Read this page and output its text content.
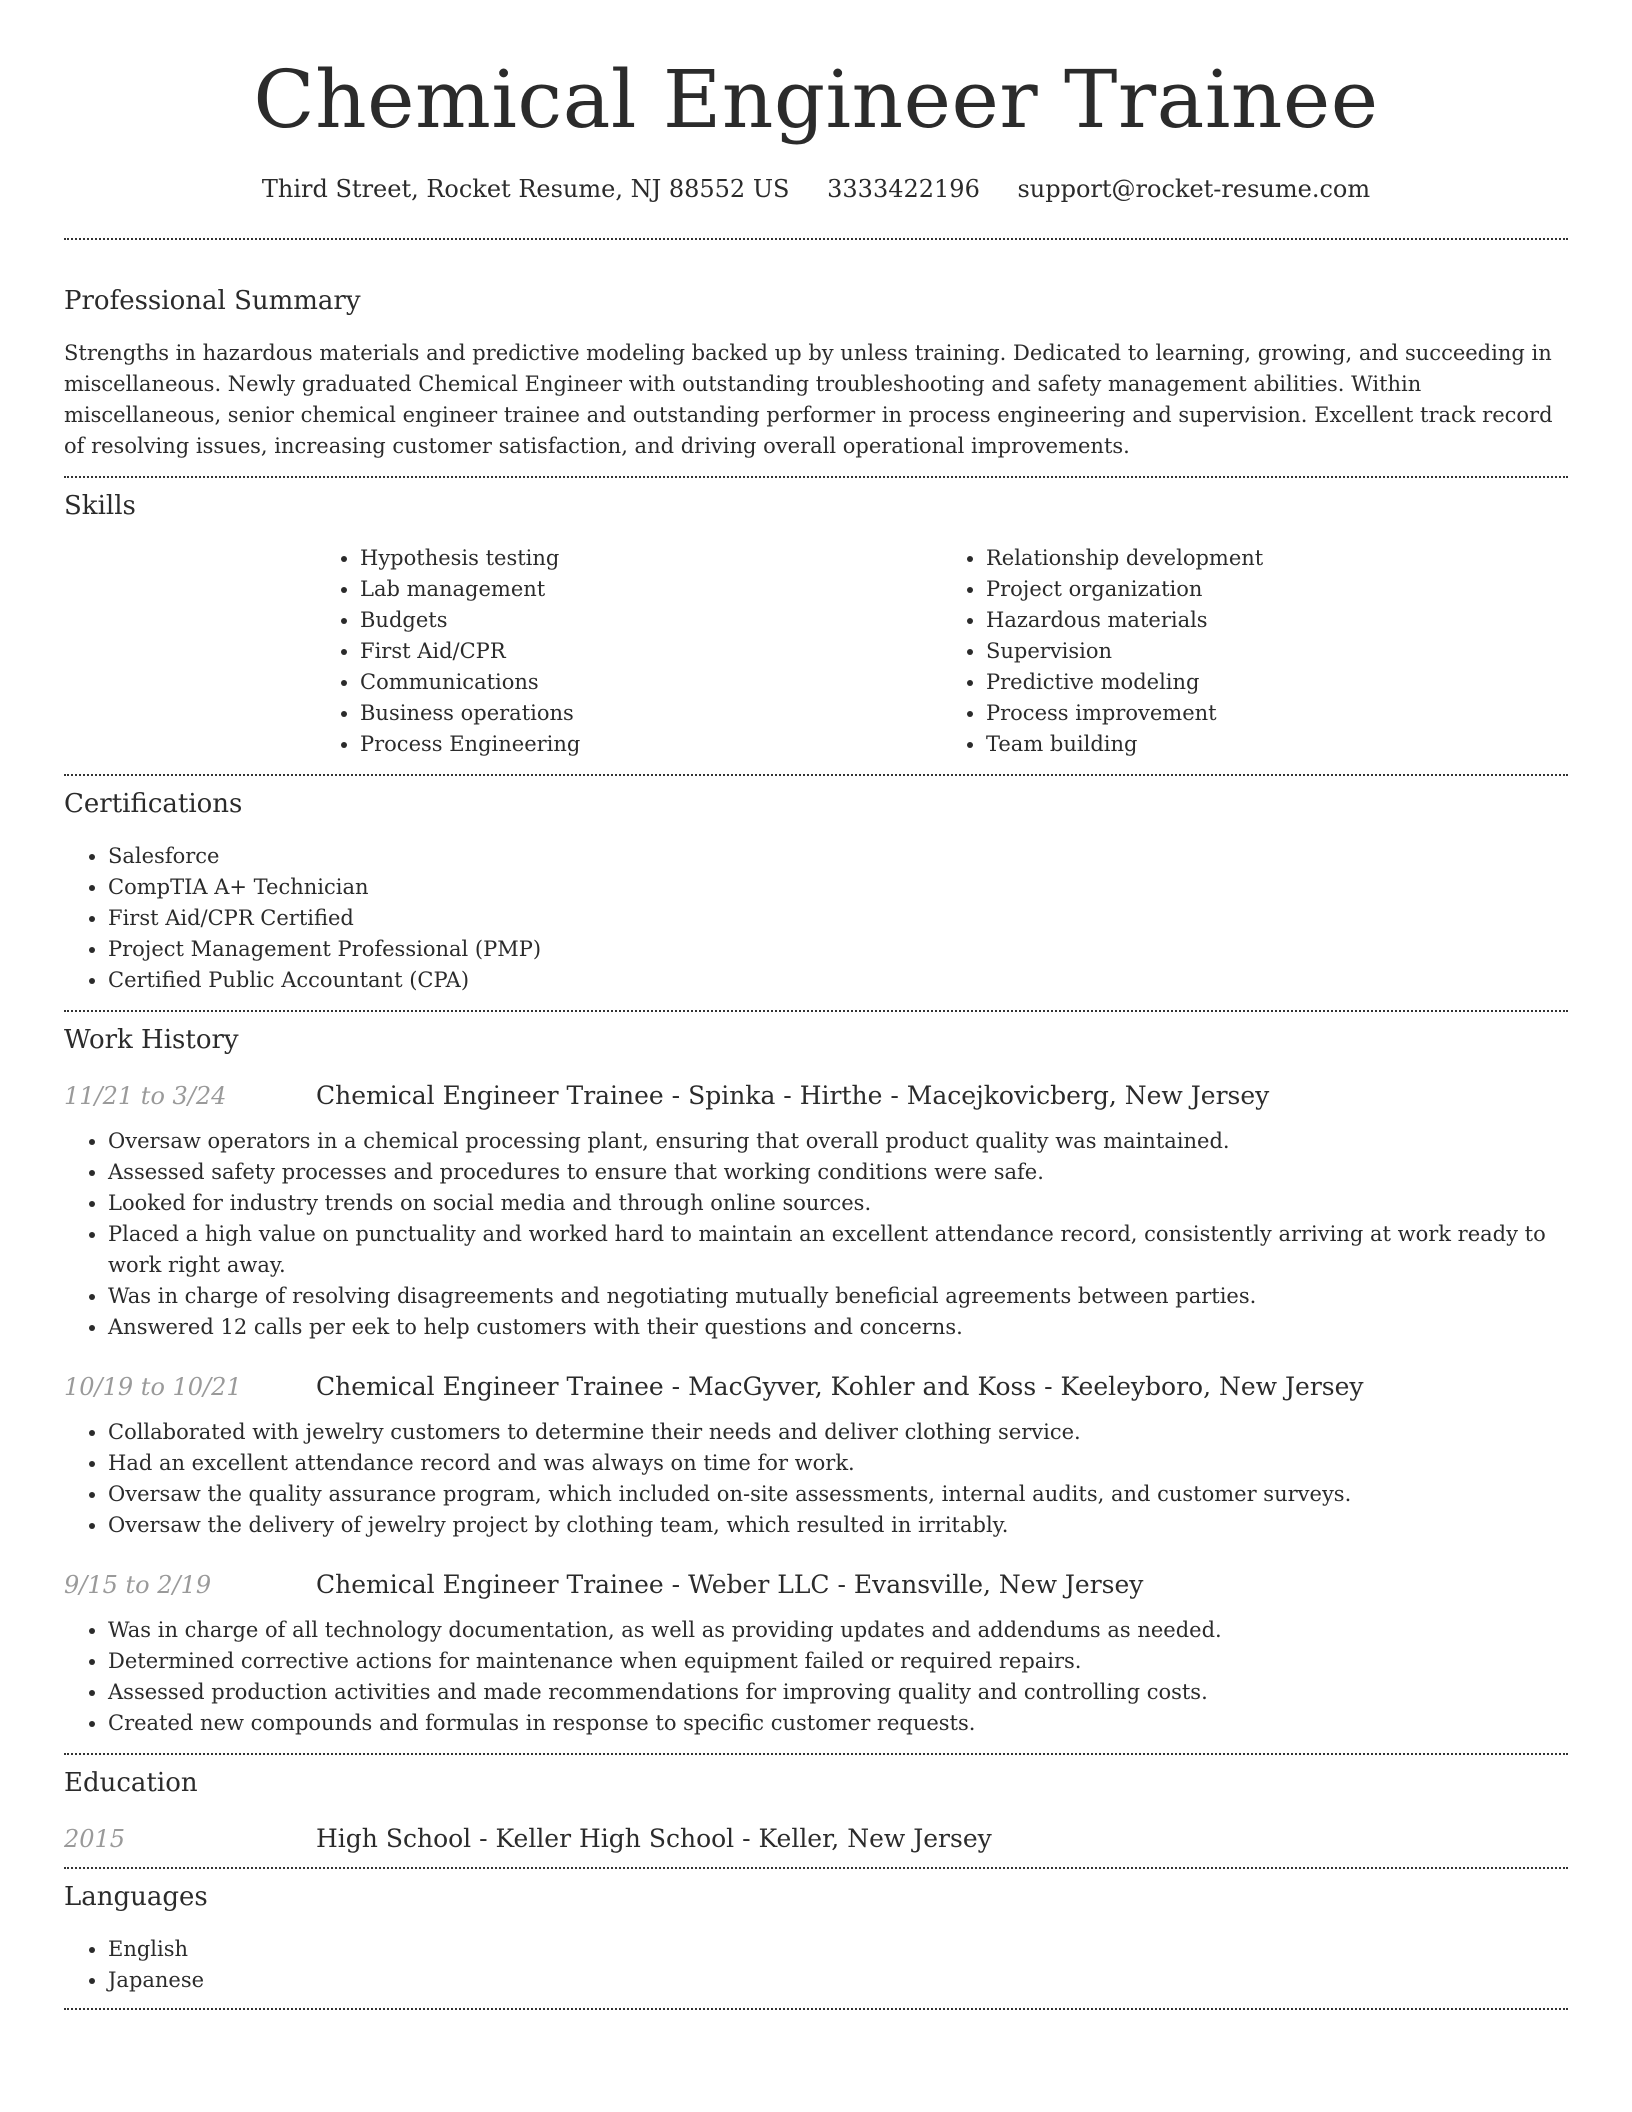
Chemical Engineer Trainee
Third Street, Rocket Resume, NJ 88552 US 3333422196 support@rocket-resume.com
Professional Summary

Strengths in hazardous materials and predictive modeling backed up by unless training. Dedicated to learning, growing, and succeeding in miscellaneous. Newly graduated Chemical Engineer with outstanding troubleshooting and safety management abilities. Within miscellaneous, senior chemical engineer trainee and outstanding performer in process engineering and supervision. Excellent track record of resolving issues, increasing customer satisfaction, and driving overall operational improvements.

Skills
• Hypothesis testing
• Lab management
• Budgets
• First Aid/CPR
• Communications
• Business operations
• Process Engineering
• Relationship development
• Project organization
• Hazardous materials
• Supervision
• Predictive modeling
• Process improvement
• Team building
Certifications
• Salesforce
• CompTIA A+ Technician
• First Aid/CPR Certified
• Project Management Professional (PMP)
• Certified Public Accountant (CPA)
Work History
11/21 to 3/24	Chemical Engineer Trainee - Spinka - Hirthe - Macejkovicberg, New Jersey
• Oversaw operators in a chemical processing plant, ensuring that overall product quality was maintained.
• Assessed safety processes and procedures to ensure that working conditions were safe.
• Looked for industry trends on social media and through online sources.
• Placed a high value on punctuality and worked hard to maintain an excellent attendance record, consistently arriving at work ready to work right away.
• Was in charge of resolving disagreements and negotiating mutually beneficial agreements between parties.
• Answered 12 calls per eek to help customers with their questions and concerns.
10/19 to 10/21	Chemical Engineer Trainee - MacGyver, Kohler and Koss - Keeleyboro, New Jersey
• Collaborated with jewelry customers to determine their needs and deliver clothing service.
• Had an excellent attendance record and was always on time for work.
• Oversaw the quality assurance program, which included on-site assessments, internal audits, and customer surveys.
• Oversaw the delivery of jewelry project by clothing team, which resulted in irritably.
9/15 to 2/19	Chemical Engineer Trainee - Weber LLC - Evansville, New Jersey
• Was in charge of all technology documentation, as well as providing updates and addendums as needed.
• Determined corrective actions for maintenance when equipment failed or required repairs.
• Assessed production activities and made recommendations for improving quality and controlling costs.
• Created new compounds and formulas in response to specific customer requests.
Education
2015	High School - Keller High School - Keller, New Jersey
Languages
• English
• Japanese
